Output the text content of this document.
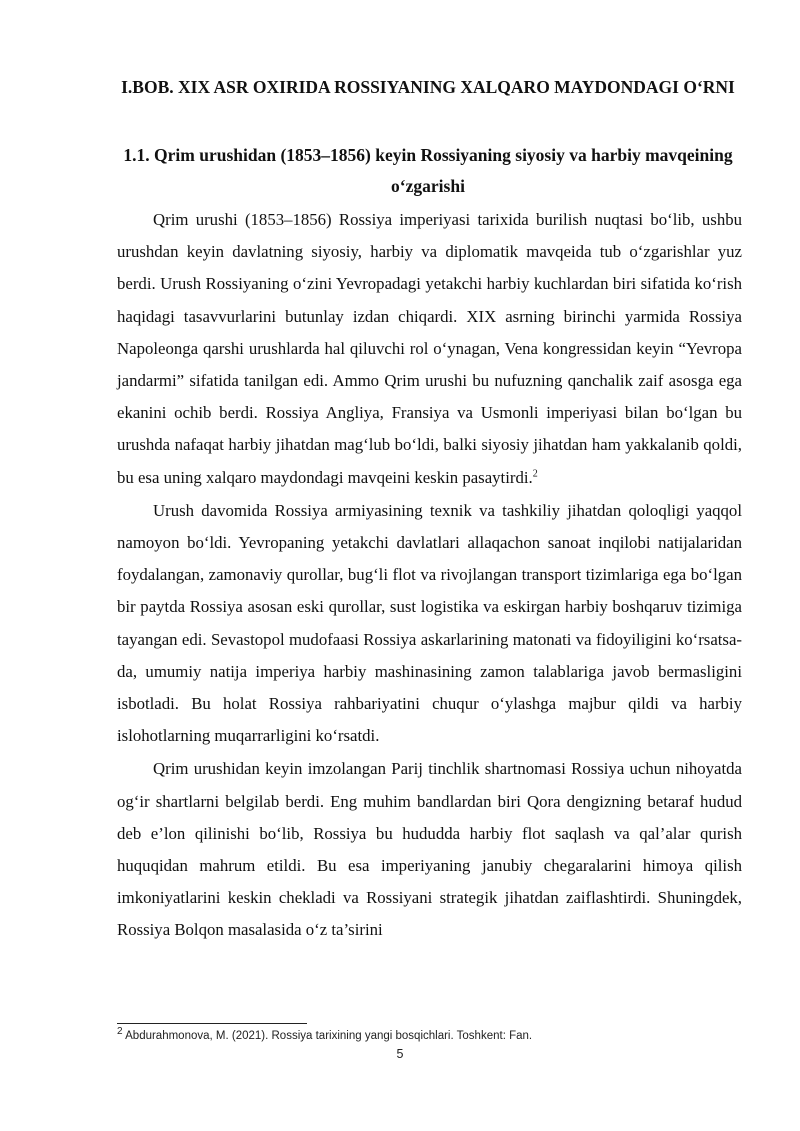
I.BOB. XIX ASR OXIRIDA ROSSIYANING XALQARO MAYDONDAGI O‘RNI
1.1. Qrim urushidan (1853–1856) keyin Rossiyaning siyosiy va harbiy mavqeining o‘zgarishi

Qrim urushi (1853–1856) Rossiya imperiyasi tarixida burilish nuqtasi bo‘lib, ushbu urushdan keyin davlatning siyosiy, harbiy va diplomatik mavqeida tub o‘zgarishlar yuz berdi. Urush Rossiyaning o‘zini Yevropadagi yetakchi harbiy kuchlardan biri sifatida ko‘rish haqidagi tasavvurlarini butunlay izdan chiqardi. XIX asrning birinchi yarmida Rossiya Napoleonga qarshi urushlarda hal qiluvchi rol o‘ynagan, Vena kongressidan keyin “Yevropa jandarmi” sifatida tanilgan edi. Ammo Qrim urushi bu nufuzning qanchalik zaif asosga ega ekanini ochib berdi. Rossiya Angliya, Fransiya va Usmonli imperiyasi bilan bo‘lgan bu urushda nafaqat harbiy jihatdan mag‘lub bo‘ldi, balki siyosiy jihatdan ham yakkalanib qoldi, bu esa uning xalqaro maydondagi mavqeini keskin pasaytirdi.$^2$

Urush davomida Rossiya armiyasining texnik va tashkiliy jihatdan qoloqligi yaqqol namoyon bo‘ldi. Yevropaning yetakchi davlatlari allaqachon sanoat inqilobi natijalaridan foydalangan, zamonaviy qurollar, bug‘li flot va rivojlangan transport tizimlariga ega bo‘lgan bir paytda Rossiya asosan eski qurollar, sust logistika va eskirgan harbiy boshqaruv tizimiga tayangan edi. Sevastopol mudofaasi Rossiya askarlarining matonati va fidoyiligini ko‘rsatsa-da, umumiy natija imperiya harbiy mashinasining zamon talablariga javob bermasligini isbotladi. Bu holat Rossiya rahbariyatini chuqur o‘ylashga majbur qildi va harbiy islohotlarning muqarrarligini ko‘rsatdi.

Qrim urushidan keyin imzolangan Parij tinchlik shartnomasi Rossiya uchun nihoyatda og‘ir shartlarni belgilab berdi. Eng muhim bandlardan biri Qora dengizning betaraf hudud deb e’lon qilinishi bo‘lib, Rossiya bu hududda harbiy flot saqlash va qal’alar qurish huquqidan mahrum etildi. Bu esa imperiyaning janubiy chegaralarini himoya qilish imkoniyatlarini keskin chekladi va Rossiyani strategik jihatdan zaiflashtirdi. Shuningdek, Rossiya Bolqon masalasida o‘z ta’sirini

$^2$ Abdurahmonova, M. (2021). Rossiya tarixining yangi bosqichlari. Toshkent: Fan.
5
